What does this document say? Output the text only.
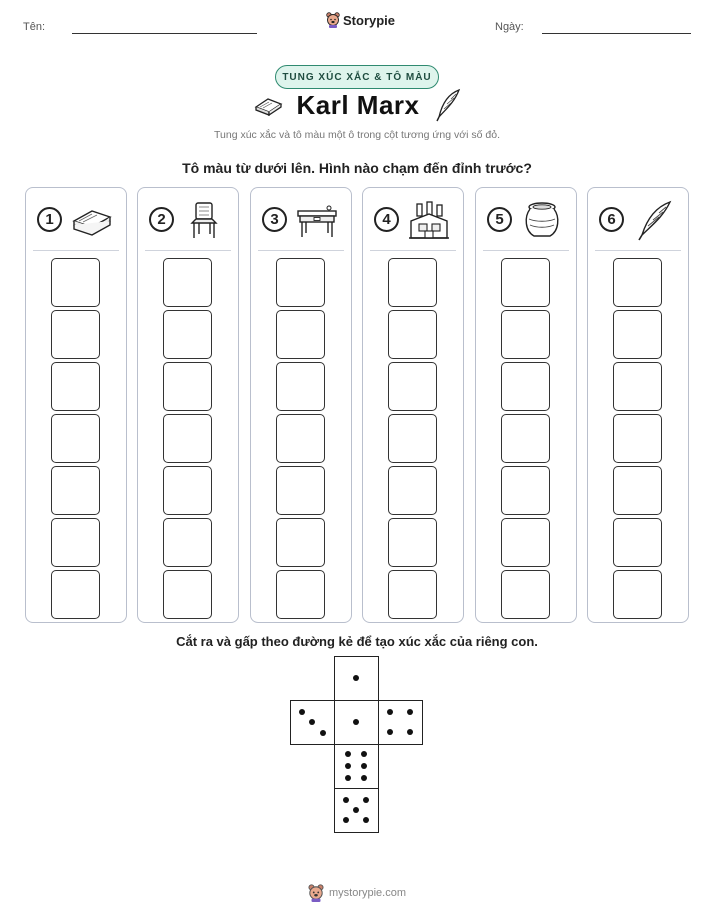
Tên:	Storypie	Ngày:
TUNG XÚC XẮC & TÔ MÀU
Karl Marx
Tung xúc xắc và tô màu một ô trong cột tương ứng với số đỏ.
Tô màu từ dưới lên. Hình nào chạm đến đỉnh trước?
1	2	3	4	5	6
Cắt ra và gấp theo đường kẻ để tạo xúc xắc của riêng con.
mystorypie.com
